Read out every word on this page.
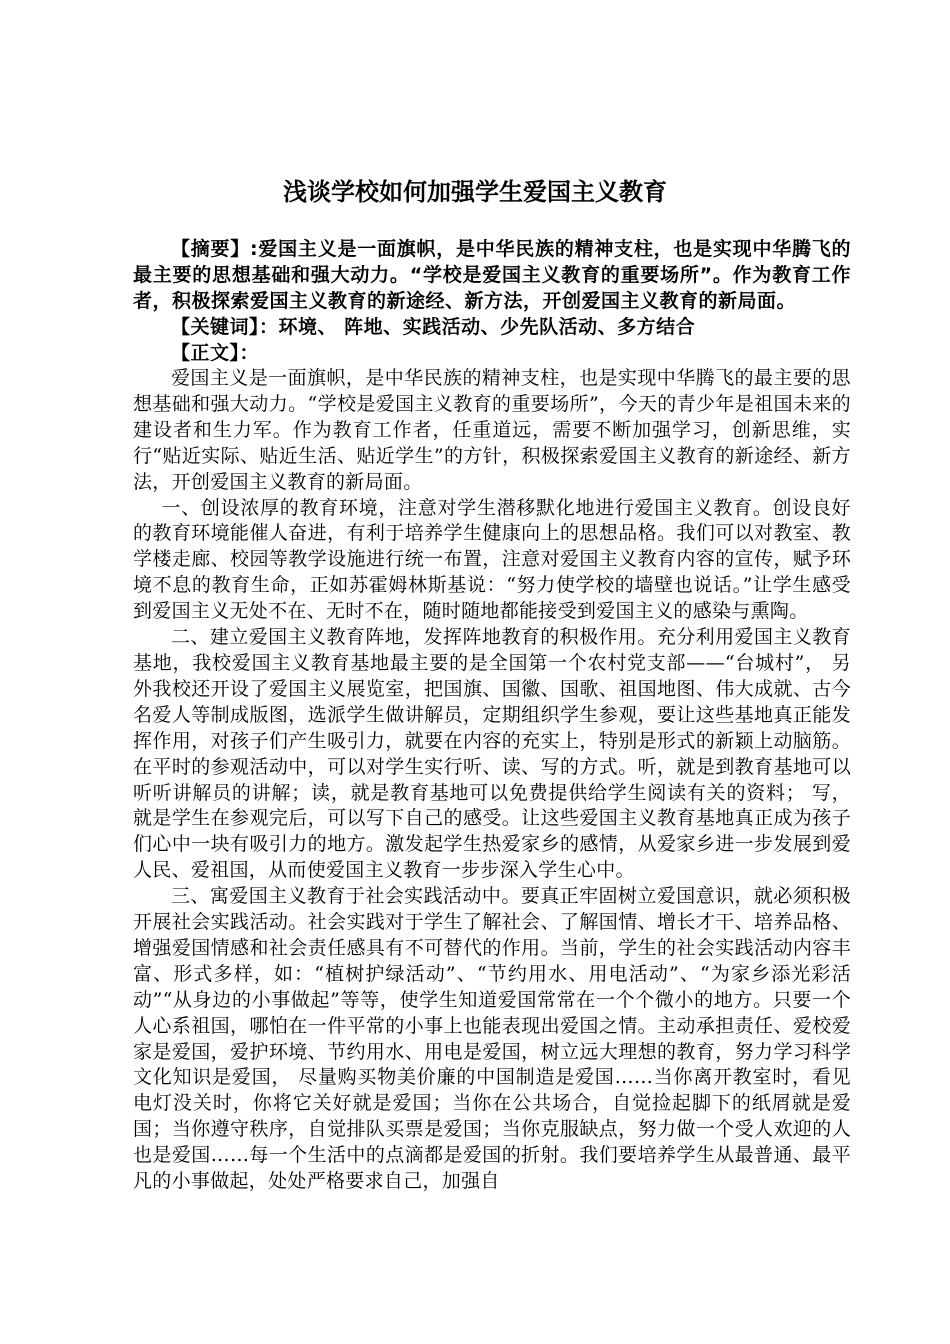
浅谈学校如何加强学生爱国主义教育

【摘要】:爱国主义是一面旗帜，是中华民族的精神支柱，也是实现中华腾飞的最主要的思想基础和强大动力。“学校是爱国主义教育的重要场所”。作为教育工作者，积极探索爱国主义教育的新途经、新方法，开创爱国主义教育的新局面。

【关键词】：环境、 阵地、实践活动、少先队活动、多方结合

【正文】：

爱国主义是一面旗帜，是中华民族的精神支柱，也是实现中华腾飞的最主要的思想基础和强大动力。“学校是爱国主义教育的重要场所”，今天的青少年是祖国未来的建设者和生力军。作为教育工作者，任重道远，需要不断加强学习，创新思维，实行“贴近实际、贴近生活、贴近学生”的方针，积极探索爱国主义教育的新途经、新方法，开创爱国主义教育的新局面。

一、创设浓厚的教育环境，注意对学生潜移默化地进行爱国主义教育。创设良好的教育环境能催人奋进，有利于培养学生健康向上的思想品格。我们可以对教室、教学楼走廊、校园等教学设施进行统一布置，注意对爱国主义教育内容的宣传，赋予环境不息的教育生命，正如苏霍姆林斯基说：“努力使学校的墙壁也说话。”让学生感受到爱国主义无处不在、无时不在，随时随地都能接受到爱国主义的感染与熏陶。

二、建立爱国主义教育阵地，发挥阵地教育的积极作用。充分利用爱国主义教育基地，我校爱国主义教育基地最主要的是全国第一个农村党支部——“台城村”， 另外我校还开设了爱国主义展览室，把国旗、国徽、国歌、祖国地图、伟大成就、古今名爱人等制成版图，选派学生做讲解员，定期组织学生参观，要让这些基地真正能发挥作用，对孩子们产生吸引力，就要在内容的充实上，特别是形式的新颖上动脑筋。在平时的参观活动中，可以对学生实行听、读、写的方式。听，就是到教育基地可以听听讲解员的讲解；读，就是教育基地可以免费提供给学生阅读有关的资料； 写，就是学生在参观完后，可以写下自己的感受。让这些爱国主义教育基地真正成为孩子们心中一块有吸引力的地方。激发起学生热爱家乡的感情，从爱家乡进一步发展到爱人民、爱祖国，从而使爱国主义教育一步步深入学生心中。

三、寓爱国主义教育于社会实践活动中。要真正牢固树立爱国意识，就必须积极开展社会实践活动。社会实践对于学生了解社会、了解国情、增长才干、培养品格、增强爱国情感和社会责任感具有不可替代的作用。当前，学生的社会实践活动内容丰富、形式多样，如：“植树护绿活动”、“节约用水、用电活动”、“为家乡添光彩活动”“从身边的小事做起”等等，使学生知道爱国常常在一个个微小的地方。只要一个人心系祖国，哪怕在一件平常的小事上也能表现出爱国之情。主动承担责任、爱校爱家是爱国，爱护环境、节约用水、用电是爱国，树立远大理想的教育，努力学习科学文化知识是爱国， 尽量购买物美价廉的中国制造是爱国……当你离开教室时，看见电灯没关时，你将它关好就是爱国；当你在公共场合，自觉捡起脚下的纸屑就是爱国；当你遵守秩序，自觉排队买票是爱国；当你克服缺点，努力做一个受人欢迎的人也是爱国……每一个生活中的点滴都是爱国的折射。我们要培养学生从最普通、最平凡的小事做起，处处严格要求自己，加强自
